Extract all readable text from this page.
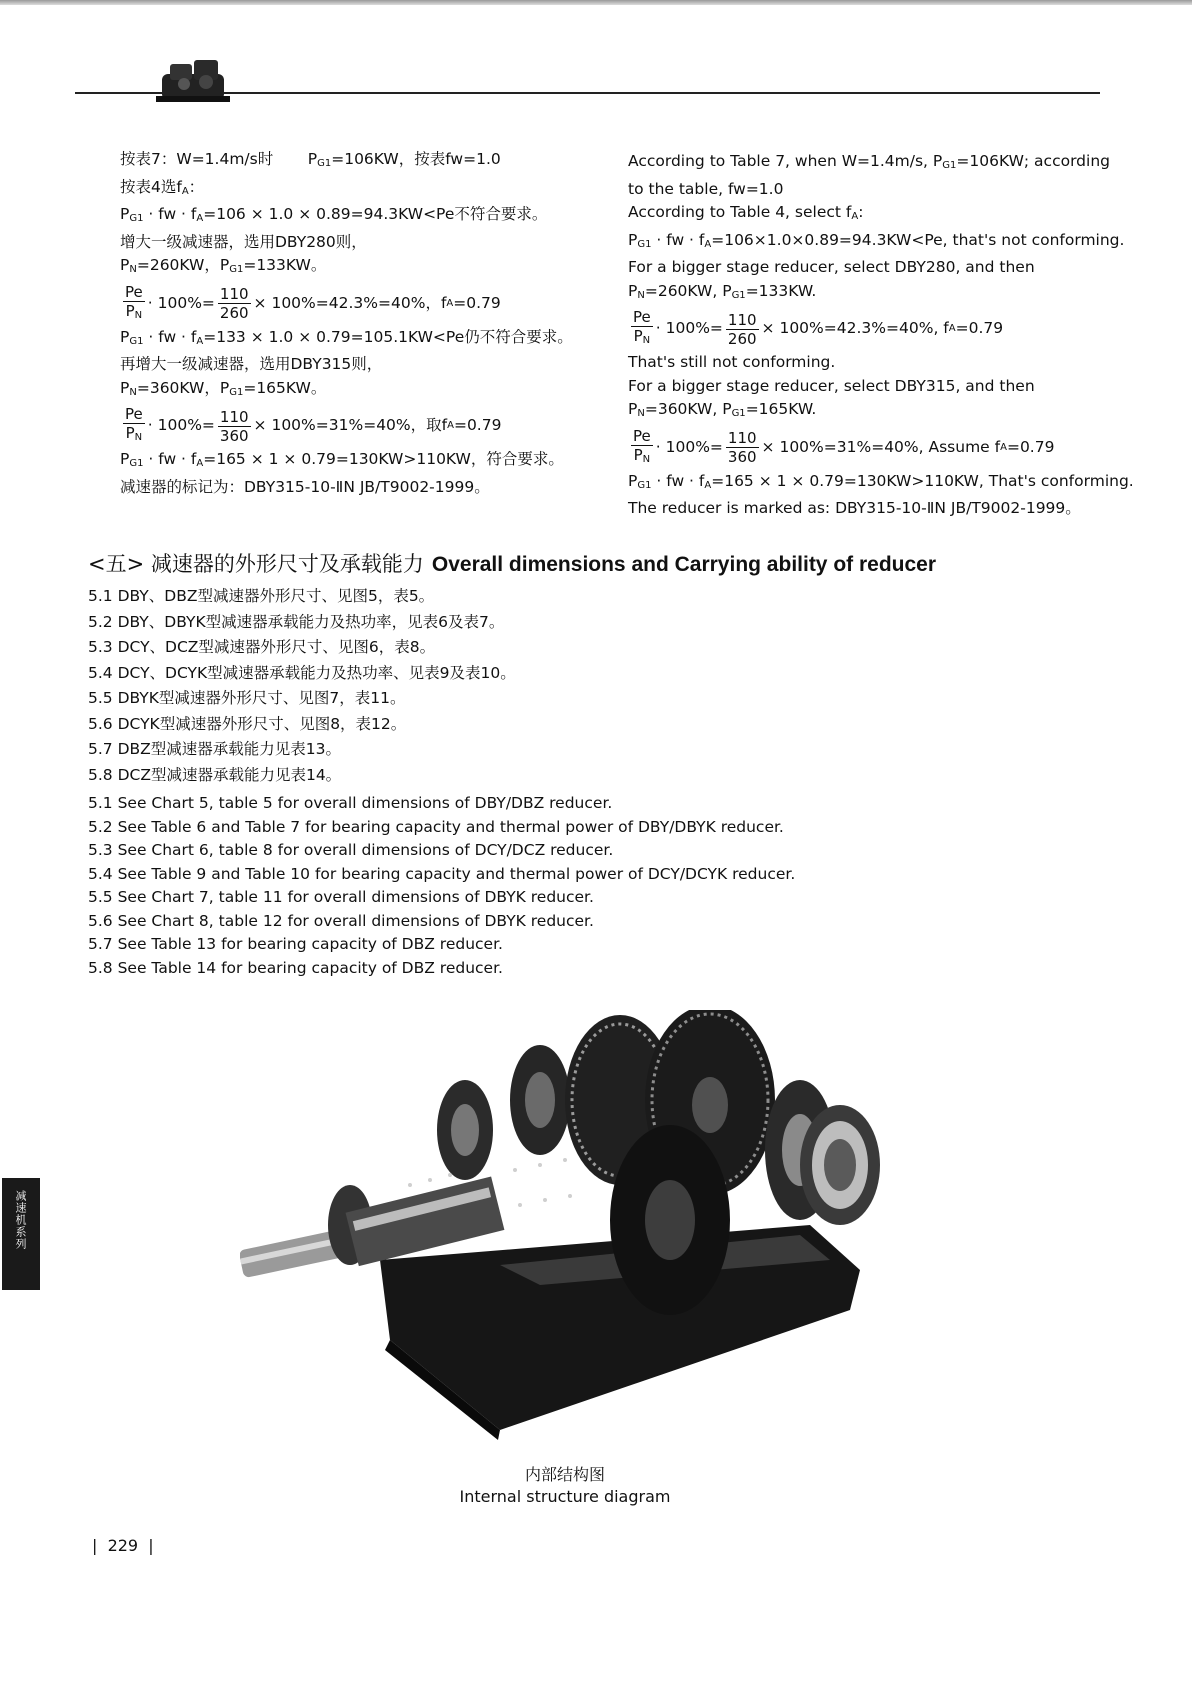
减速机系列
按表7：W=1.4m/s时 $P_{G1}=106KW$，按表fw=1.0
按表4选$f_A$：
$P_{G1}$ · fw · $f_A=106 \times 1.0 \times 0.89=94.3KW<Pe$不符合要求。
增大一级减速器，选用DBY280则，
$P_N=260KW$，$P_{G1}=133KW$。
$\frac{Pe}{P_N} \cdot 100\%= \frac{110}{260} \times 100\%=42.3\%=40\%$，f A =0.79
$P_{G1}$ · fw · $f_A=133 \times 1.0 \times 0.79=105.1KW<Pe$仍不符合要求。
再增大一级减速器，选用DBY315则，
$P_N=360KW$，$P_{G1}=165KW$。
$\frac{Pe}{P_N} \cdot 100\%= \frac{110}{360} \times 100\%=31\%=40\%$，取f A =0.79
$P_{G1}$ · fw · $f_A=165 \times 1 \times 0.79=130KW>110KW$，符合要求。
减速器的标记为：DBY315-10-ⅡN JB/T9002-1999。
According to Table 7, when W=1.4m/s, $P_{G1}=106KW$; according
to the table, fw=1.0
According to Table 4, select $f_A$:
$P_{G1}$ · fw · $f_A=106\times 1.0\times 0.89=94.3KW<Pe$, that's not conforming.
For a bigger stage reducer, select DBY280, and then
$P_N=260KW$, $P_{G1}=133KW$.
$\frac{Pe}{P_N} \cdot 100\%= \frac{110}{260} \times 100\%=42.3\%=40\%$, f A =0.79
That's still not conforming.
For a bigger stage reducer, select DBY315, and then
$P_N=360KW$, $P_{G1}=165KW$.
$\frac{Pe}{P_N} \cdot 100\%= \frac{110}{360} \times 100\%=31\%=40\%$, Assume f A =0.79
$P_{G1}$ · fw · $f_A=165 \times 1 \times 0.79=130KW>110KW$, That's conforming.
The reducer is marked as: DBY315-10-ⅡN JB/T9002-1999。
<五> 减速器的外形尺寸及承载能力 Overall dimensions and Carrying ability of reducer
5.1 DBY、DBZ型减速器外形尺寸、见图5，表5。
5.2 DBY、DBYK型减速器承载能力及热功率，见表6及表7。
5.3 DCY、DCZ型减速器外形尺寸、见图6，表8。
5.4 DCY、DCYK型减速器承载能力及热功率、见表9及表10。
5.5 DBYK型减速器外形尺寸、见图7，表11。
5.6 DCYK型减速器外形尺寸、见图8，表12。
5.7 DBZ型减速器承载能力见表13。
5.8 DCZ型减速器承载能力见表14。
5.1 See Chart 5, table 5 for overall dimensions of DBY/DBZ reducer.
5.2 See Table 6 and Table 7 for bearing capacity and thermal power of DBY/DBYK reducer.
5.3 See Chart 6, table 8 for overall dimensions of DCY/DCZ reducer.
5.4 See Table 9 and Table 10 for bearing capacity and thermal power of DCY/DCYK reducer.
5.5 See Chart 7, table 11 for overall dimensions of DBYK reducer.
5.6 See Chart 8, table 12 for overall dimensions of DBYK reducer.
5.7 See Table 13 for bearing capacity of DBZ reducer.
5.8 See Table 14 for bearing capacity of DBZ reducer.
内部结构图
Internal structure diagram
|  229  |
